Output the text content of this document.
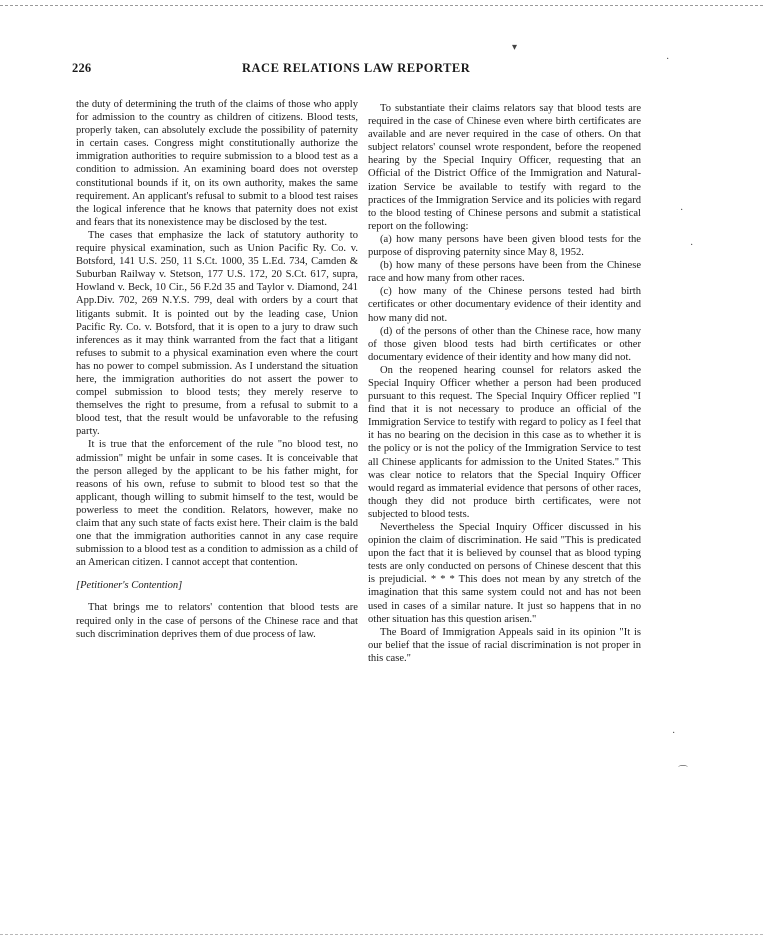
226	RACE RELATIONS LAW REPORTER

the duty of determining the truth of the claims of those who apply for admission to the country as children of citizens. Blood tests, properly taken, can absolutely exclude the possibility of paternity in certain cases. Congress might constitutionally authorize the immigration authorities to require submission to a blood test as a condition to admission. An examining board does not overstep constitutional bounds if it, on its own authority, makes the same requirement. An applicant's refusal to submit to a blood test raises the logical inference that he knows that paternity does not exist and fears that its nonexistence may be disclosed by the test.

The cases that emphasize the lack of statutory authority to require physical examination, such as Union Pacific Ry. Co. v. Botsford, 141 U.S. 250, 11 S.Ct. 1000, 35 L.Ed. 734, Camden & Suburban Railway v. Stetson, 177 U.S. 172, 20 S.Ct. 617, supra, Howland v. Beck, 10 Cir., 56 F.2d 35 and Taylor v. Diamond, 241 App.Div. 702, 269 N.Y.S. 799, deal with orders by a court that litigants submit. It is pointed out by the leading case, Union Pacific Ry. Co. v. Botsford, that it is open to a jury to draw such inferences as it may think warranted from the fact that a litigant refuses to submit to a physical examination even where the court has no power to compel submission. As I understand the situation here, the immigration authorities do not assert the power to compel submission to blood tests; they merely reserve to themselves the right to presume, from a refusal to submit to a blood test, that the result would be unfavorable to the refusing party.

It is true that the enforcement of the rule "no blood test, no admission" might be unfair in some cases. It is conceivable that the person alleged by the applicant to be his father might, for reasons of his own, refuse to submit to blood test so that the applicant, though willing to submit himself to the test, would be powerless to meet the condition. Relators, however, make no claim that any such state of facts exist here. Their claim is the bald one that the immigration authorities cannot in any case require submission to a blood test as a condition to admission as a child of an American citizen. I cannot accept that contention.

[Petitioner's Contention]

That brings me to relators' contention that blood tests are required only in the case of persons of the Chinese race and that such discrimination deprives them of due process of law.

To substantiate their claims relators say that blood tests are required in the case of Chinese even where birth certificates are available and are never required in the case of others. On that subject relators' counsel wrote respondent, before the reopened hearing by the Special Inquiry Officer, requesting that an Official of the District Office of the Immigration and Naturalization Service be available to testify with regard to the practices of the Immigration Service and its policies with regard to the blood testing of Chinese persons and submit a statistical report on the following:

(a) how many persons have been given blood tests for the purpose of disproving paternity since May 8, 1952.

(b) how many of these persons have been from the Chinese race and how many from other races.

(c) how many of the Chinese persons tested had birth certificates or other documentary evidence of their identity and how many did not.

(d) of the persons of other than the Chinese race, how many of those given blood tests had birth certificates or other documentary evidence of their identity and how many did not.

On the reopened hearing counsel for relators asked the Special Inquiry Officer whether a person had been produced pursuant to this request. The Special Inquiry Officer replied "I find that it is not necessary to produce an official of the Immigration Service to testify with regard to policy as I feel that it has no bearing on the decision in this case as to whether it is the policy or is not the policy of the Immigration Service to test all Chinese applicants for admission to the United States." This was clear notice to relators that the Special Inquiry Officer would regard as immaterial evidence that persons of other races, though they did not produce birth certificates, were not subjected to blood tests.

Nevertheless the Special Inquiry Officer discussed in his opinion the claim of discrimination. He said "This is predicated upon the fact that it is believed by counsel that as blood typing tests are only conducted on persons of Chinese descent that this is prejudicial. * * * This does not mean by any stretch of the imagination that this same system could not and has not been used in cases of a similar nature. It just so happens that in no other situation has this question arisen."

The Board of Immigration Appeals said in its opinion "It is our belief that the issue of racial discrimination is not proper in this case."

▾
·
·
·
·
⌒
